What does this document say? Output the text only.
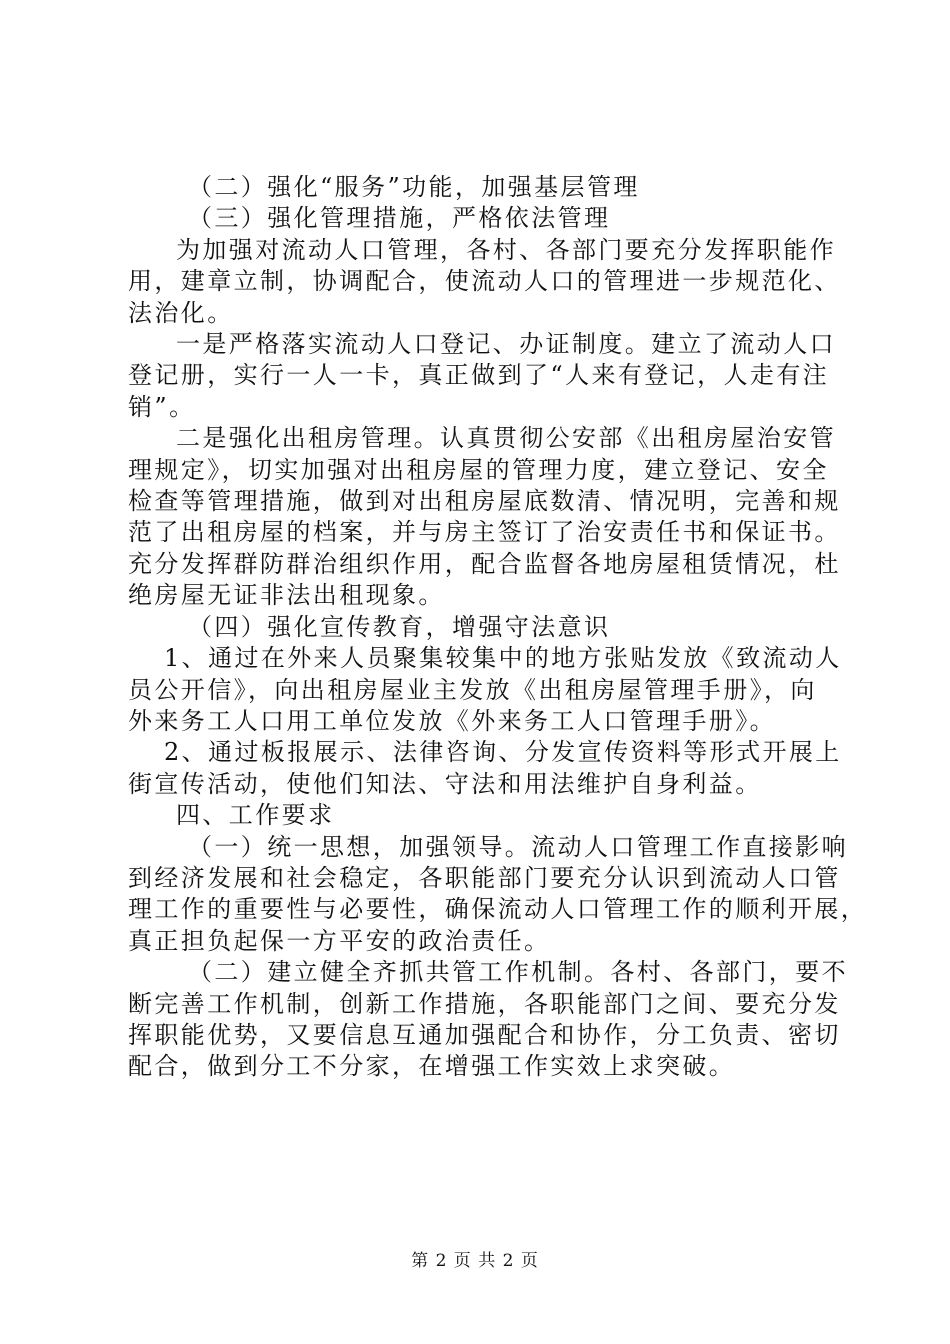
（二）强化“服务”功能，加强基层管理
（三）强化管理措施，严格依法管理
为加强对流动人口管理，各村、各部门要充分发挥职能作
用，建章立制，协调配合，使流动人口的管理进一步规范化、
法治化。
一是严格落实流动人口登记、办证制度。建立了流动人口
登记册，实行一人一卡，真正做到了“人来有登记，人走有注
销”。
二是强化出租房管理。认真贯彻公安部《出租房屋治安管
理规定》，切实加强对出租房屋的管理力度，建立登记、安全
检查等管理措施，做到对出租房屋底数清、情况明，完善和规
范了出租房屋的档案，并与房主签订了治安责任书和保证书。
充分发挥群防群治组织作用，配合监督各地房屋租赁情况，杜
绝房屋无证非法出租现象。
（四）强化宣传教育，增强守法意识
1、通过在外来人员聚集较集中的地方张贴发放《致流动人
员公开信》，向出租房屋业主发放《出租房屋管理手册》，向
外来务工人口用工单位发放《外来务工人口管理手册》。
2、通过板报展示、法律咨询、分发宣传资料等形式开展上
街宣传活动，使他们知法、守法和用法维护自身利益。
四、工作要求
（一）统一思想，加强领导。流动人口管理工作直接影响
到经济发展和社会稳定，各职能部门要充分认识到流动人口管
理工作的重要性与必要性，确保流动人口管理工作的顺利开展，
真正担负起保一方平安的政治责任。
（二）建立健全齐抓共管工作机制。各村、各部门，要不
断完善工作机制，创新工作措施，各职能部门之间、要充分发
挥职能优势，又要信息互通加强配合和协作，分工负责、密切
配合，做到分工不分家，在增强工作实效上求突破。
第 2 页 共 2 页
